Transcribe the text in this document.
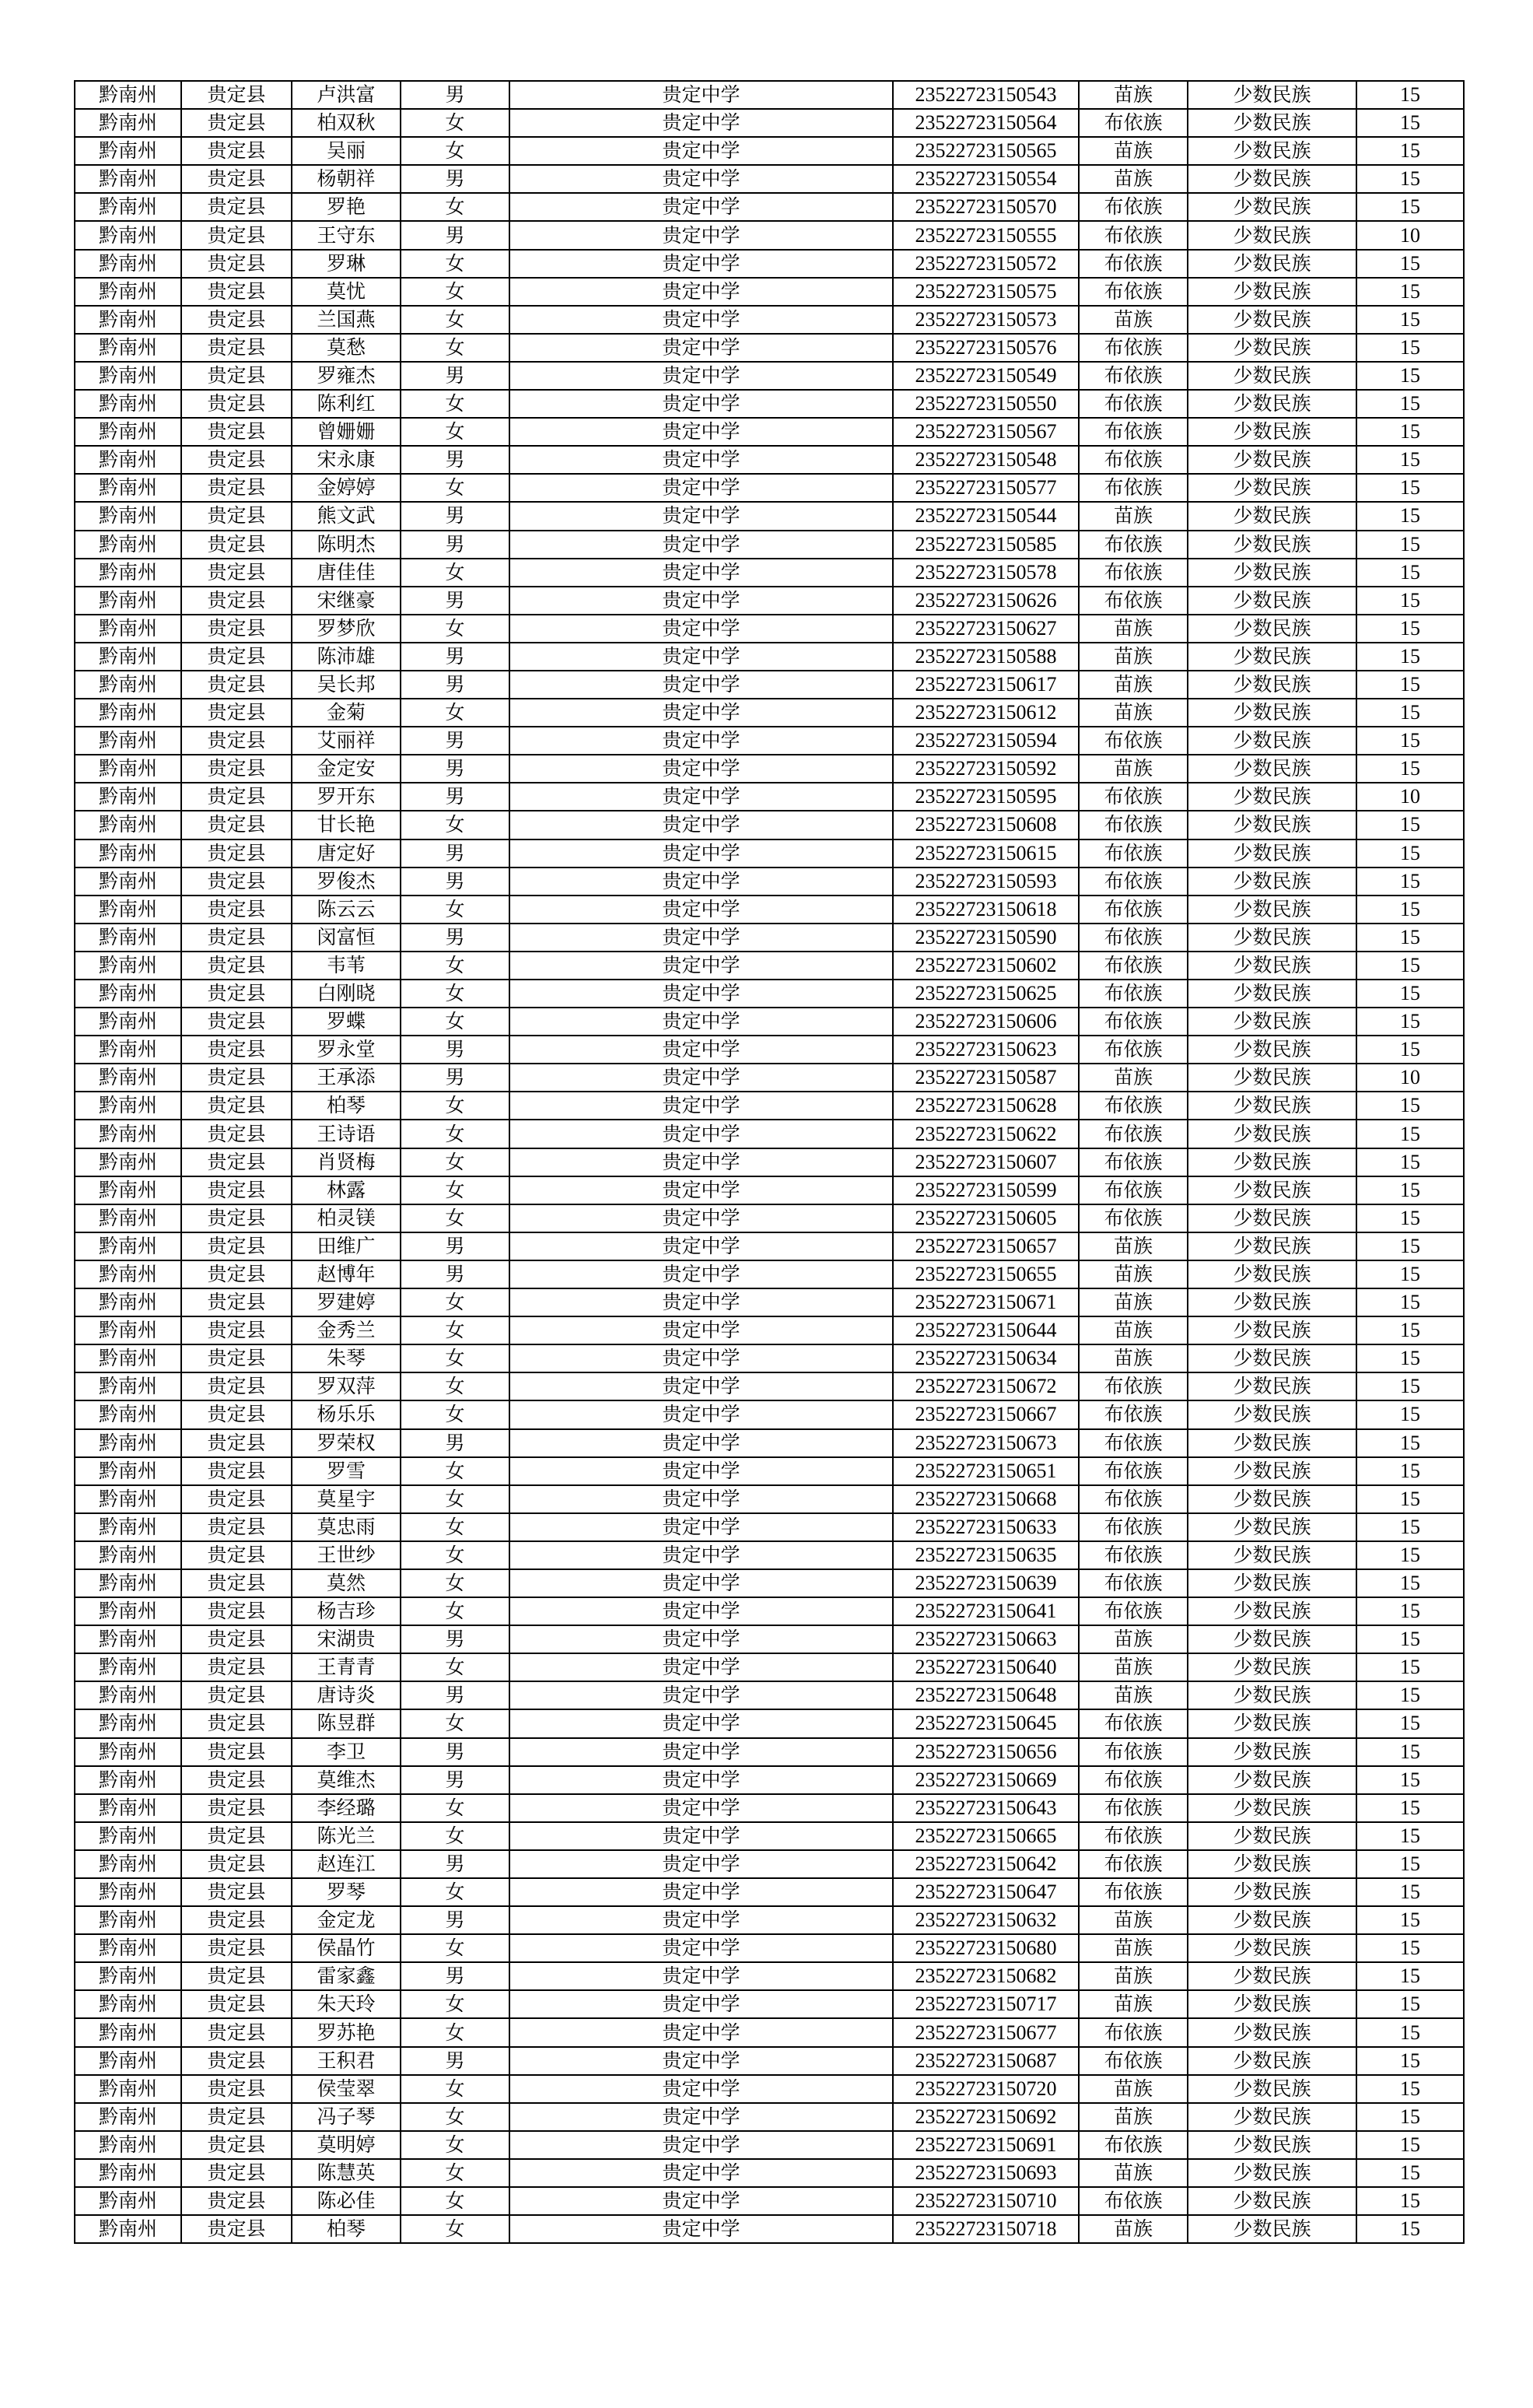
黔南州	贵定县	卢洪富	男	贵定中学	23522723150543	苗族	少数民族	15
黔南州	贵定县	柏双秋	女	贵定中学	23522723150564	布依族	少数民族	15
黔南州	贵定县	吴丽	女	贵定中学	23522723150565	苗族	少数民族	15
黔南州	贵定县	杨朝祥	男	贵定中学	23522723150554	苗族	少数民族	15
黔南州	贵定县	罗艳	女	贵定中学	23522723150570	布依族	少数民族	15
黔南州	贵定县	王守东	男	贵定中学	23522723150555	布依族	少数民族	10
黔南州	贵定县	罗琳	女	贵定中学	23522723150572	布依族	少数民族	15
黔南州	贵定县	莫忧	女	贵定中学	23522723150575	布依族	少数民族	15
黔南州	贵定县	兰国燕	女	贵定中学	23522723150573	苗族	少数民族	15
黔南州	贵定县	莫愁	女	贵定中学	23522723150576	布依族	少数民族	15
黔南州	贵定县	罗雍杰	男	贵定中学	23522723150549	布依族	少数民族	15
黔南州	贵定县	陈利红	女	贵定中学	23522723150550	布依族	少数民族	15
黔南州	贵定县	曾姗姗	女	贵定中学	23522723150567	布依族	少数民族	15
黔南州	贵定县	宋永康	男	贵定中学	23522723150548	布依族	少数民族	15
黔南州	贵定县	金婷婷	女	贵定中学	23522723150577	布依族	少数民族	15
黔南州	贵定县	熊文武	男	贵定中学	23522723150544	苗族	少数民族	15
黔南州	贵定县	陈明杰	男	贵定中学	23522723150585	布依族	少数民族	15
黔南州	贵定县	唐佳佳	女	贵定中学	23522723150578	布依族	少数民族	15
黔南州	贵定县	宋继豪	男	贵定中学	23522723150626	布依族	少数民族	15
黔南州	贵定县	罗梦欣	女	贵定中学	23522723150627	苗族	少数民族	15
黔南州	贵定县	陈沛雄	男	贵定中学	23522723150588	苗族	少数民族	15
黔南州	贵定县	吴长邦	男	贵定中学	23522723150617	苗族	少数民族	15
黔南州	贵定县	金菊	女	贵定中学	23522723150612	苗族	少数民族	15
黔南州	贵定县	艾丽祥	男	贵定中学	23522723150594	布依族	少数民族	15
黔南州	贵定县	金定安	男	贵定中学	23522723150592	苗族	少数民族	15
黔南州	贵定县	罗开东	男	贵定中学	23522723150595	布依族	少数民族	10
黔南州	贵定县	甘长艳	女	贵定中学	23522723150608	布依族	少数民族	15
黔南州	贵定县	唐定好	男	贵定中学	23522723150615	布依族	少数民族	15
黔南州	贵定县	罗俊杰	男	贵定中学	23522723150593	布依族	少数民族	15
黔南州	贵定县	陈云云	女	贵定中学	23522723150618	布依族	少数民族	15
黔南州	贵定县	闵富恒	男	贵定中学	23522723150590	布依族	少数民族	15
黔南州	贵定县	韦苇	女	贵定中学	23522723150602	布依族	少数民族	15
黔南州	贵定县	白刚晓	女	贵定中学	23522723150625	布依族	少数民族	15
黔南州	贵定县	罗蝶	女	贵定中学	23522723150606	布依族	少数民族	15
黔南州	贵定县	罗永堂	男	贵定中学	23522723150623	布依族	少数民族	15
黔南州	贵定县	王承添	男	贵定中学	23522723150587	苗族	少数民族	10
黔南州	贵定县	柏琴	女	贵定中学	23522723150628	布依族	少数民族	15
黔南州	贵定县	王诗语	女	贵定中学	23522723150622	布依族	少数民族	15
黔南州	贵定县	肖贤梅	女	贵定中学	23522723150607	布依族	少数民族	15
黔南州	贵定县	林露	女	贵定中学	23522723150599	布依族	少数民族	15
黔南州	贵定县	柏灵镁	女	贵定中学	23522723150605	布依族	少数民族	15
黔南州	贵定县	田维广	男	贵定中学	23522723150657	苗族	少数民族	15
黔南州	贵定县	赵博年	男	贵定中学	23522723150655	苗族	少数民族	15
黔南州	贵定县	罗建婷	女	贵定中学	23522723150671	苗族	少数民族	15
黔南州	贵定县	金秀兰	女	贵定中学	23522723150644	苗族	少数民族	15
黔南州	贵定县	朱琴	女	贵定中学	23522723150634	苗族	少数民族	15
黔南州	贵定县	罗双萍	女	贵定中学	23522723150672	布依族	少数民族	15
黔南州	贵定县	杨乐乐	女	贵定中学	23522723150667	布依族	少数民族	15
黔南州	贵定县	罗荣权	男	贵定中学	23522723150673	布依族	少数民族	15
黔南州	贵定县	罗雪	女	贵定中学	23522723150651	布依族	少数民族	15
黔南州	贵定县	莫星宇	女	贵定中学	23522723150668	布依族	少数民族	15
黔南州	贵定县	莫忠雨	女	贵定中学	23522723150633	布依族	少数民族	15
黔南州	贵定县	王世纱	女	贵定中学	23522723150635	布依族	少数民族	15
黔南州	贵定县	莫然	女	贵定中学	23522723150639	布依族	少数民族	15
黔南州	贵定县	杨吉珍	女	贵定中学	23522723150641	布依族	少数民族	15
黔南州	贵定县	宋湖贵	男	贵定中学	23522723150663	苗族	少数民族	15
黔南州	贵定县	王青青	女	贵定中学	23522723150640	苗族	少数民族	15
黔南州	贵定县	唐诗炎	男	贵定中学	23522723150648	苗族	少数民族	15
黔南州	贵定县	陈昱群	女	贵定中学	23522723150645	布依族	少数民族	15
黔南州	贵定县	李卫	男	贵定中学	23522723150656	布依族	少数民族	15
黔南州	贵定县	莫维杰	男	贵定中学	23522723150669	布依族	少数民族	15
黔南州	贵定县	李经璐	女	贵定中学	23522723150643	布依族	少数民族	15
黔南州	贵定县	陈光兰	女	贵定中学	23522723150665	布依族	少数民族	15
黔南州	贵定县	赵连江	男	贵定中学	23522723150642	布依族	少数民族	15
黔南州	贵定县	罗琴	女	贵定中学	23522723150647	布依族	少数民族	15
黔南州	贵定县	金定龙	男	贵定中学	23522723150632	苗族	少数民族	15
黔南州	贵定县	侯晶竹	女	贵定中学	23522723150680	苗族	少数民族	15
黔南州	贵定县	雷家鑫	男	贵定中学	23522723150682	苗族	少数民族	15
黔南州	贵定县	朱天玲	女	贵定中学	23522723150717	苗族	少数民族	15
黔南州	贵定县	罗苏艳	女	贵定中学	23522723150677	布依族	少数民族	15
黔南州	贵定县	王积君	男	贵定中学	23522723150687	布依族	少数民族	15
黔南州	贵定县	侯莹翠	女	贵定中学	23522723150720	苗族	少数民族	15
黔南州	贵定县	冯子琴	女	贵定中学	23522723150692	苗族	少数民族	15
黔南州	贵定县	莫明婷	女	贵定中学	23522723150691	布依族	少数民族	15
黔南州	贵定县	陈慧英	女	贵定中学	23522723150693	苗族	少数民族	15
黔南州	贵定县	陈必佳	女	贵定中学	23522723150710	布依族	少数民族	15
黔南州	贵定县	柏琴	女	贵定中学	23522723150718	苗族	少数民族	15
